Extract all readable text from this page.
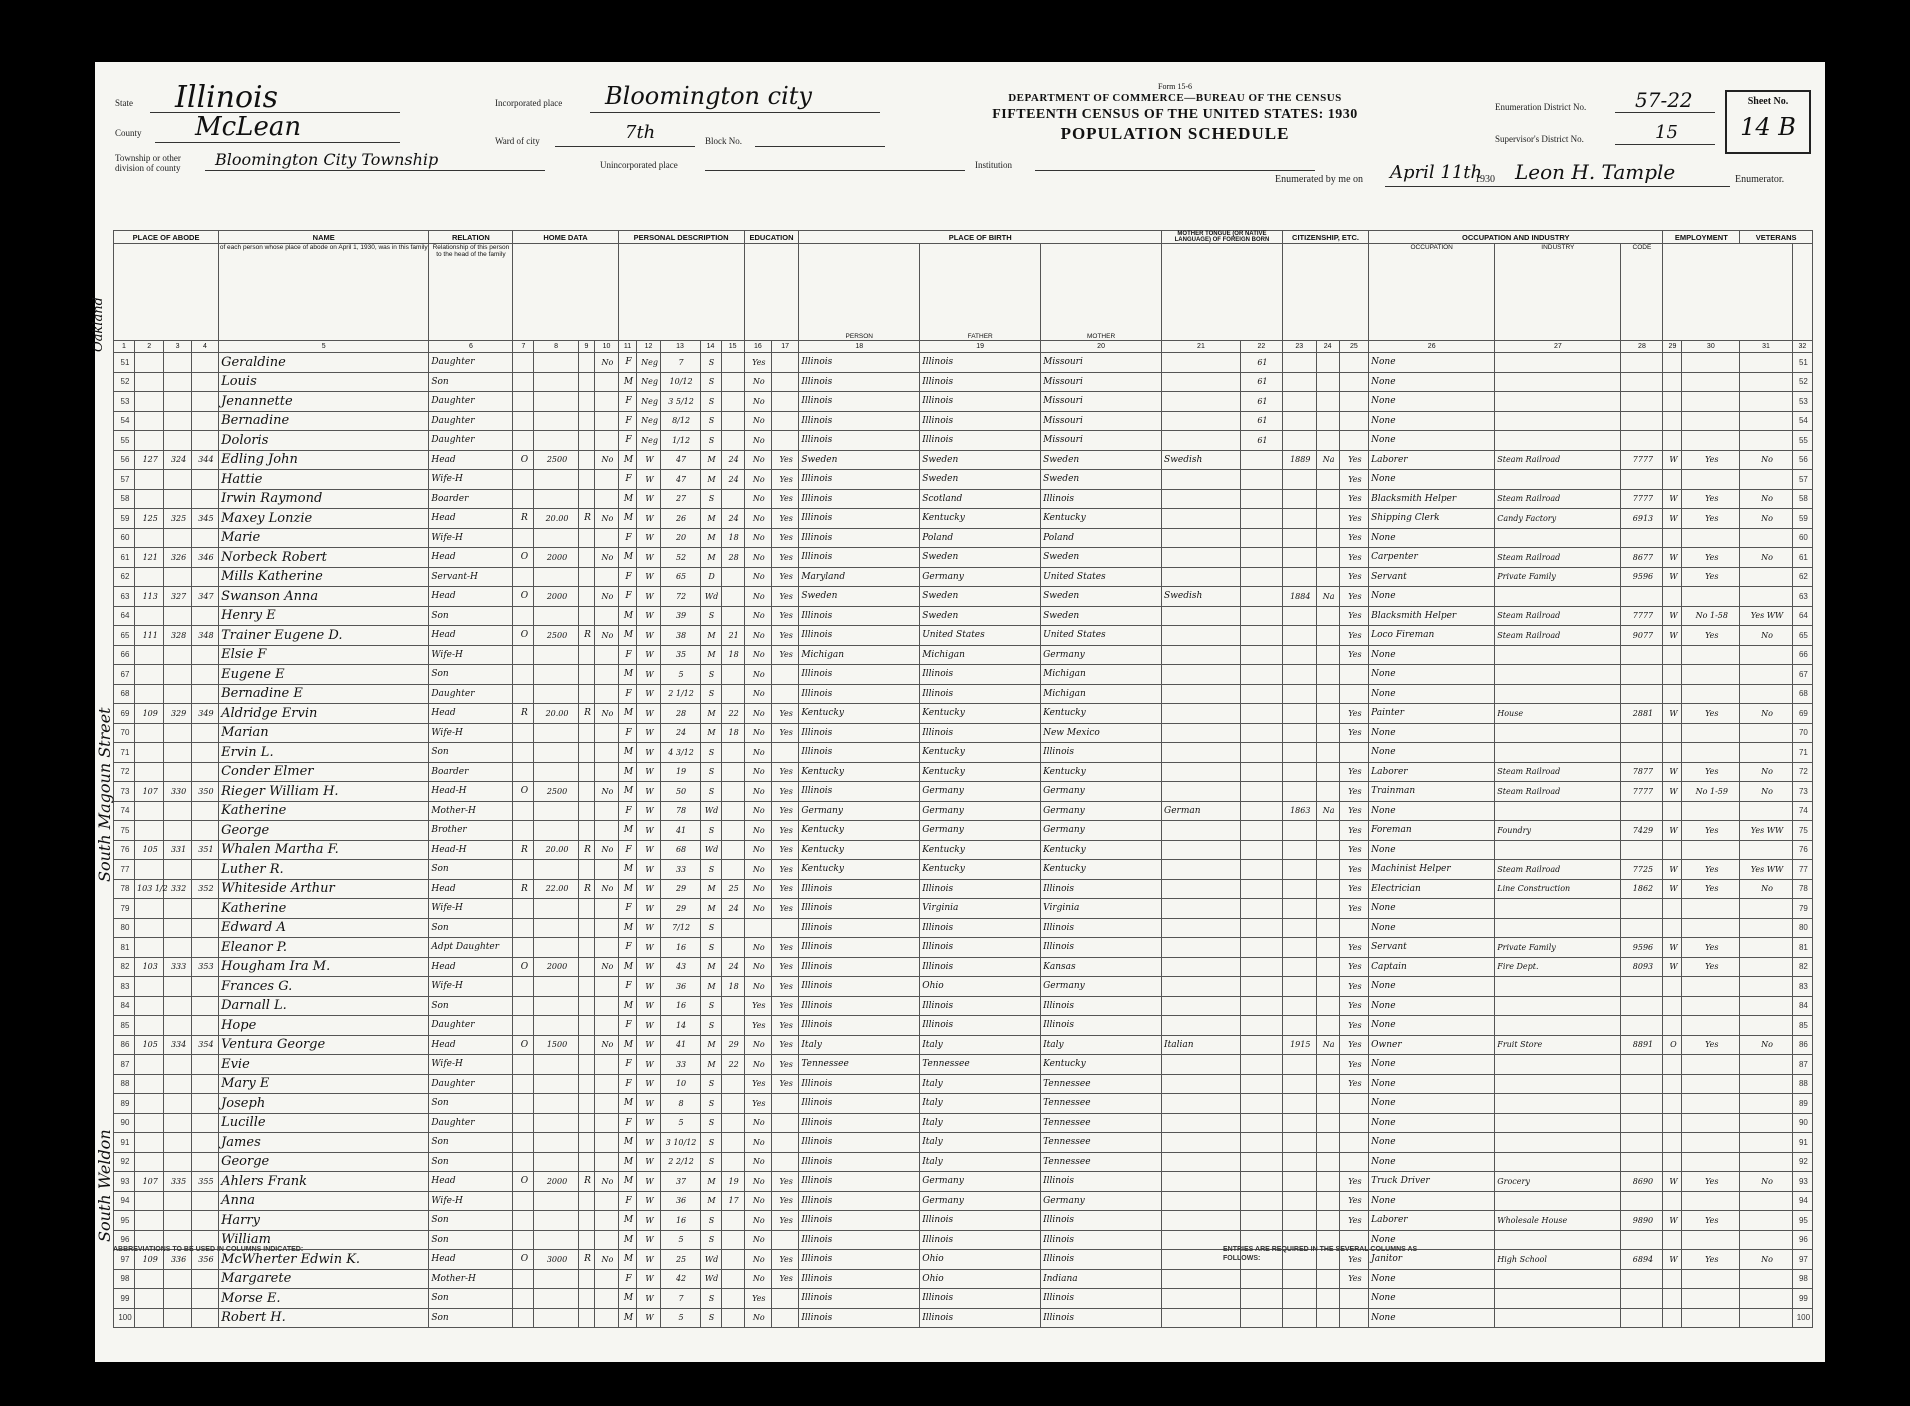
State Illinois
County McLean
Township or other division of county Bloomington City Township
Incorporated place Bloomington city
Ward of city	7th	Block No.
Unincorporated place	Institution
Form 15-6
DEPARTMENT OF COMMERCE—BUREAU OF THE CENSUS
FIFTEENTH CENSUS OF THE UNITED STATES: 1930
POPULATION SCHEDULE
Enumeration District No. 57-22
Supervisor's District No.	15
Sheet No.
14 B
Enumerated by me on April 11th
1930 Leon H. Tample	Enumerator.
PLACE OF ABODE				NAME	RELATION	HOME DATA				PERSONAL DESCRIPTION					EDUCATION		PLACE OF BIRTH			MOTHER TONGUE (OR NATIVE LANGUAGE) OF FOREIGN BORN		CITIZENSHIP, ETC.			OCCUPATION AND INDUSTRY			EMPLOYMENT		VETERANS	
				of each person whose place of abode on April 1, 1930, was in this family	Relationship of this person to the head of the family												PERSON	FATHER	MOTHER						OCCUPATION	INDUSTRY	CODE				
1	2	3	4	5	6	7	8	9	10	11	12	13	14	15	16	17	18	19	20	21	22	23	24	25	26	27	28	29	30	31	32
51				Geraldine	Daughter				No	F	Neg	7	S		Yes		Illinois	Illinois	Missouri		61				None						51
52				Louis	Son					M	Neg	10/12	S		No		Illinois	Illinois	Missouri		61				None						52
53				Jenannette	Daughter					F	Neg	3 5/12	S		No		Illinois	Illinois	Missouri		61				None						53
54				Bernadine	Daughter					F	Neg	8/12	S		No		Illinois	Illinois	Missouri		61				None						54
55				Doloris	Daughter					F	Neg	1/12	S		No		Illinois	Illinois	Missouri		61				None						55
56	127	324	344	Edling John	Head	O	2500		No	M	W	47	M	24	No	Yes	Sweden	Sweden	Sweden	Swedish		1889	Na	Yes	Laborer	Steam Railroad	7777	W	Yes	No	56
57				Hattie	Wife-H					F	W	47	M	24	No	Yes	Illinois	Sweden	Sweden					Yes	None						57
58				Irwin Raymond	Boarder					M	W	27	S		No	Yes	Illinois	Scotland	Illinois					Yes	Blacksmith Helper	Steam Railroad	7777	W	Yes	No	58
59	125	325	345	Maxey Lonzie	Head	R	20.00	R	No	M	W	26	M	24	No	Yes	Illinois	Kentucky	Kentucky					Yes	Shipping Clerk	Candy Factory	6913	W	Yes	No	59
60				Marie	Wife-H					F	W	20	M	18	No	Yes	Illinois	Poland	Poland					Yes	None						60
61	121	326	346	Norbeck Robert	Head	O	2000		No	M	W	52	M	28	No	Yes	Illinois	Sweden	Sweden					Yes	Carpenter	Steam Railroad	8677	W	Yes	No	61
62				Mills Katherine	Servant-H					F	W	65	D		No	Yes	Maryland	Germany	United States					Yes	Servant	Private Family	9596	W	Yes		62
63	113	327	347	Swanson Anna	Head	O	2000		No	F	W	72	Wd		No	Yes	Sweden	Sweden	Sweden	Swedish		1884	Na	Yes	None						63
64				Henry E	Son					M	W	39	S		No	Yes	Illinois	Sweden	Sweden					Yes	Blacksmith Helper	Steam Railroad	7777	W	No 1-58	Yes WW	64
65	111	328	348	Trainer Eugene D.	Head	O	2500	R	No	M	W	38	M	21	No	Yes	Illinois	United States	United States					Yes	Loco Fireman	Steam Railroad	9077	W	Yes	No	65
66				Elsie F	Wife-H					F	W	35	M	18	No	Yes	Michigan	Michigan	Germany					Yes	None						66
67				Eugene E	Son					M	W	5	S		No		Illinois	Illinois	Michigan						None						67
68				Bernadine E	Daughter					F	W	2 1/12	S		No		Illinois	Illinois	Michigan						None						68
69	109	329	349	Aldridge Ervin	Head	R	20.00	R	No	M	W	28	M	22	No	Yes	Kentucky	Kentucky	Kentucky					Yes	Painter	House	2881	W	Yes	No	69
70				Marian	Wife-H					F	W	24	M	18	No	Yes	Illinois	Illinois	New Mexico					Yes	None						70
71				Ervin L.	Son					M	W	4 3/12	S		No		Illinois	Kentucky	Illinois						None						71
72				Conder Elmer	Boarder					M	W	19	S		No	Yes	Kentucky	Kentucky	Kentucky					Yes	Laborer	Steam Railroad	7877	W	Yes	No	72
73	107	330	350	Rieger William H.	Head-H	O	2500		No	M	W	50	S		No	Yes	Illinois	Germany	Germany					Yes	Trainman	Steam Railroad	7777	W	No 1-59	No	73
74				Katherine	Mother-H					F	W	78	Wd		No	Yes	Germany	Germany	Germany	German		1863	Na	Yes	None						74
75				George	Brother					M	W	41	S		No	Yes	Kentucky	Germany	Germany					Yes	Foreman	Foundry	7429	W	Yes	Yes WW	75
76	105	331	351	Whalen Martha F.	Head-H	R	20.00	R	No	F	W	68	Wd		No	Yes	Kentucky	Kentucky	Kentucky					Yes	None						76
77				Luther R.	Son					M	W	33	S		No	Yes	Kentucky	Kentucky	Kentucky					Yes	Machinist Helper	Steam Railroad	7725	W	Yes	Yes WW	77
78	103 1/2	332	352	Whiteside Arthur	Head	R	22.00	R	No	M	W	29	M	25	No	Yes	Illinois	Illinois	Illinois					Yes	Electrician	Line Construction	1862	W	Yes	No	78
79				Katherine	Wife-H					F	W	29	M	24	No	Yes	Illinois	Virginia	Virginia					Yes	None						79
80				Edward A	Son					M	W	7/12	S				Illinois	Illinois	Illinois						None						80
81				Eleanor P.	Adpt Daughter					F	W	16	S		No	Yes	Illinois	Illinois	Illinois					Yes	Servant	Private Family	9596	W	Yes		81
82	103	333	353	Hougham Ira M.	Head	O	2000		No	M	W	43	M	24	No	Yes	Illinois	Illinois	Kansas					Yes	Captain	Fire Dept.	8093	W	Yes		82
83				Frances G.	Wife-H					F	W	36	M	18	No	Yes	Illinois	Ohio	Germany					Yes	None						83
84				Darnall L.	Son					M	W	16	S		Yes	Yes	Illinois	Illinois	Illinois					Yes	None						84
85				Hope	Daughter					F	W	14	S		Yes	Yes	Illinois	Illinois	Illinois					Yes	None						85
86	105	334	354	Ventura George	Head	O	1500		No	M	W	41	M	29	No	Yes	Italy	Italy	Italy	Italian		1915	Na	Yes	Owner	Fruit Store	8891	O	Yes	No	86
87				Evie	Wife-H					F	W	33	M	22	No	Yes	Tennessee	Tennessee	Kentucky					Yes	None						87
88				Mary E	Daughter					F	W	10	S		Yes	Yes	Illinois	Italy	Tennessee					Yes	None						88
89				Joseph	Son					M	W	8	S		Yes		Illinois	Italy	Tennessee						None						89
90				Lucille	Daughter					F	W	5	S		No		Illinois	Italy	Tennessee						None						90
91				James	Son					M	W	3 10/12	S		No		Illinois	Italy	Tennessee						None						91
92				George	Son					M	W	2 2/12	S		No		Illinois	Italy	Tennessee						None						92
93	107	335	355	Ahlers Frank	Head	O	2000	R	No	M	W	37	M	19	No	Yes	Illinois	Germany	Illinois					Yes	Truck Driver	Grocery	8690	W	Yes	No	93
94				Anna	Wife-H					F	W	36	M	17	No	Yes	Illinois	Germany	Germany					Yes	None						94
95				Harry	Son					M	W	16	S		No	Yes	Illinois	Illinois	Illinois					Yes	Laborer	Wholesale House	9890	W	Yes		95
96				William	Son					M	W	5	S		No		Illinois	Illinois	Illinois						None						96
97	109	336	356	McWherter Edwin K.	Head	O	3000	R	No	M	W	25	Wd		No	Yes	Illinois	Ohio	Illinois					Yes	Janitor	High School	6894	W	Yes	No	97
98				Margarete	Mother-H					F	W	42	Wd		No	Yes	Illinois	Ohio	Indiana					Yes	None						98
99				Morse E.	Son					M	W	7	S		Yes		Illinois	Illinois	Illinois						None						99
100				Robert H.	Son					M	W	5	S		No		Illinois	Illinois	Illinois						None						100
Oakland
South Magoun Street
South Weldon
ABBREVIATIONS TO BE USED IN COLUMNS INDICATED:	ENTRIES ARE REQUIRED IN THE SEVERAL COLUMNS AS FOLLOWS:
